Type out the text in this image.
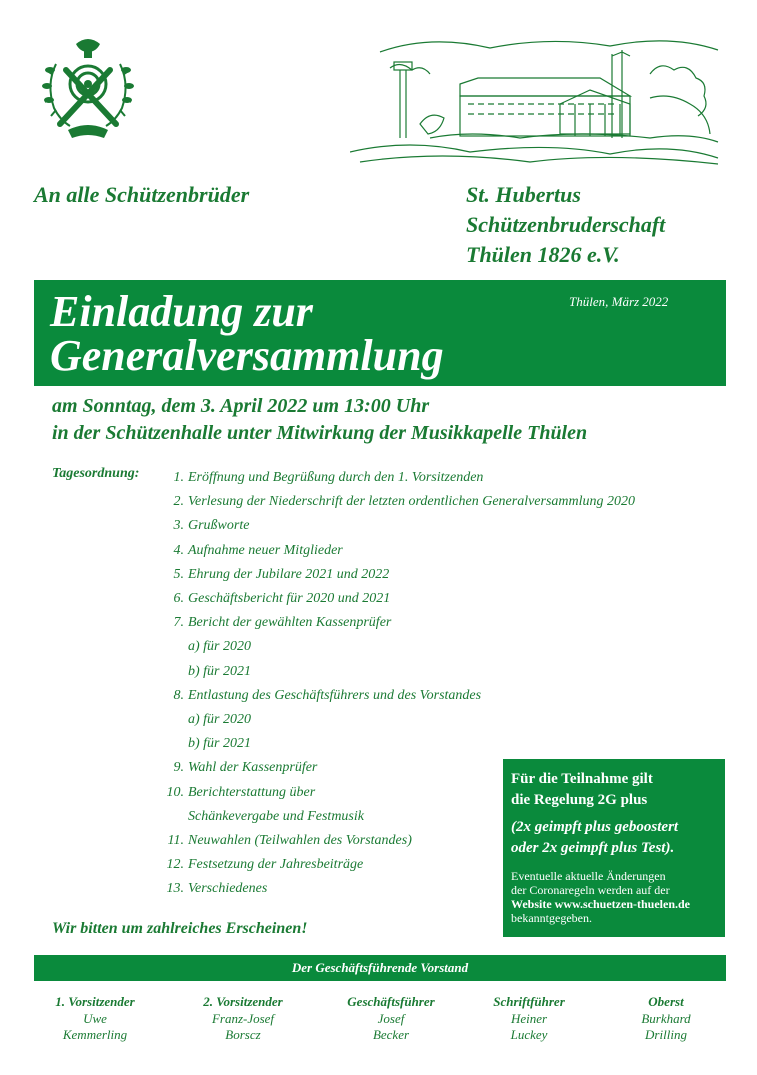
An alle Schützenbrüder	St. Hubertus
Schützenbruderschaft
Thülen 1826 e.V.
Einladung zur
Generalversammlung
Thülen, März 2022
am Sonntag, dem 3. April 2022 um 13:00 Uhr
in der Schützenhalle unter Mitwirkung der Musikkapelle Thülen
Tagesordnung:	1. Eröffnung und Begrüßung durch den 1. Vorsitzenden
2. Verlesung der Niederschrift der letzten ordentlichen Generalversammlung 2020
3. Grußworte
4. Aufnahme neuer Mitglieder
5. Ehrung der Jubilare 2021 und 2022
6. Geschäftsbericht für 2020 und 2021
7. Bericht der gewählten Kassenprüfer
a) für 2020
b) für 2021
8. Entlastung des Geschäftsführers und des Vorstandes
a) für 2020
b) für 2021
9. Wahl der Kassenprüfer
10. Berichterstattung über
Schänkevergabe und Festmusik
11. Neuwahlen (Teilwahlen des Vorstandes)
12. Festsetzung der Jahresbeiträge
13. Verschiedenes
Für die Teilnahme gilt
die Regelung 2G plus
(2x geimpft plus geboostert
oder 2x geimpft plus Test).
Eventuelle aktuelle Änderungen
der Coronaregeln werden auf der
Website www.schuetzen-thuelen.de
bekanntgegeben.
Wir bitten um zahlreiches Erscheinen!
Der Geschäftsführende Vorstand
1. Vorsitzender
Uwe
Kemmerling
2. Vorsitzender
Franz-Josef
Borscz
Geschäftsführer
Josef
Becker
Schriftführer
Heiner
Luckey
Oberst
Burkhard
Drilling
